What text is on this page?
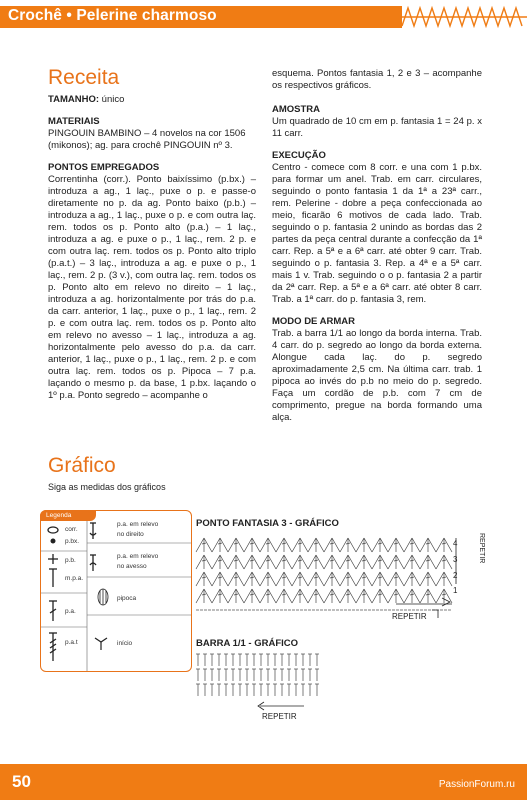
Crochê • Pelerine charmoso
Receita

TAMANHO: único

MATERIAIS

PINGOUIN BAMBINO – 4 novelos na cor 1506 (mikonos); ag. para crochê PINGOUIN nº 3.

PONTOS EMPREGADOS

Correntinha (corr.). Ponto baixíssimo (p.bx.) – introduza a ag., 1 laç., puxe o p. e passe-o diretamente no p. da ag. Ponto baixo (p.b.) – introduza a ag., 1 laç., puxe o p. e com outra laç. rem. todos os p. Ponto alto (p.a.) – 1 laç., introduza a ag. e puxe o p., 1 laç., rem. 2 p. e com outra laç. rem. todos os p. Ponto alto triplo (p.a.t.) – 3 laç., introduza a ag. e puxe o p., 1 laç., rem. 2 p. (3 v.), com outra laç. rem. todos os p. Ponto alto em relevo no direito – 1 laç., introduza a ag. horizontalmente por trás do p.a. da carr. anterior, 1 laç., puxe o p., 1 laç., rem. 2 p. e com outra laç. rem. todos os p. Ponto alto em relevo no avesso – 1 laç., introduza a ag. horizontalmente pelo avesso do p.a. da carr. anterior, 1 laç., puxe o p., 1 laç., rem. 2 p. e com outra laç. rem. todos os p. Pipoca – 7 p.a. laçando o mesmo p. da base, 1 p.bx. laçando o 1º p.a. Ponto segredo – acompanhe o

esquema. Pontos fantasia 1, 2 e 3 – acompanhe os respectivos gráficos.

AMOSTRA

Um quadrado de 10 cm em p. fantasia 1 = 24 p. x 11 carr.

EXECUÇÃO

Centro - comece com 8 corr. e una com 1 p.bx. para formar um anel. Trab. em carr. circulares, seguindo o ponto fantasia 1 da 1ª a 23ª carr., rem. Pelerine - dobre a peça confeccionada ao meio, ficarão 6 motivos de cada lado. Trab. seguindo o p. fantasia 2 unindo as bordas das 2 partes da peça central durante a confecção da 1ª carr. Rep. a 5ª e a 6ª carr. até obter 9 carr. Trab. seguindo o p. fantasia 3. Rep. a 4ª e a 5ª carr. mais 1 v. Trab. seguindo o o p. fantasia 2 a partir da 2ª carr. Rep. a 5ª e a 6ª carr. até obter 8 carr. Trab. a 1ª carr. do p. fantasia 3, rem.

MODO DE ARMAR

Trab. a barra 1/1 ao longo da borda interna. Trab. 4 carr. do p. segredo ao longo da borda externa. Alongue cada laç. do p. segredo aproximadamente 2,5 cm. Na última carr. trab. 1 pipoca ao invés do p.b no meio do p. segredo. Faça um cordão de p.b. com 7 cm de comprimento, pregue na borda formando uma alça.

Gráfico
Siga as medidas dos gráficos
Legenda
corr.
p.bx.
p.b.
m.p.a.
p.a.
p.a.t
p.a. em relevo
no direito
p.a. em relevo
no avesso
pipoca
início
PONTO FANTASIA 3 - GRÁFICO
4
3
2
1
REPETIR
REPETIR
BARRA 1/1 - GRÁFICO
REPETIR
50	PassionForum.ru
